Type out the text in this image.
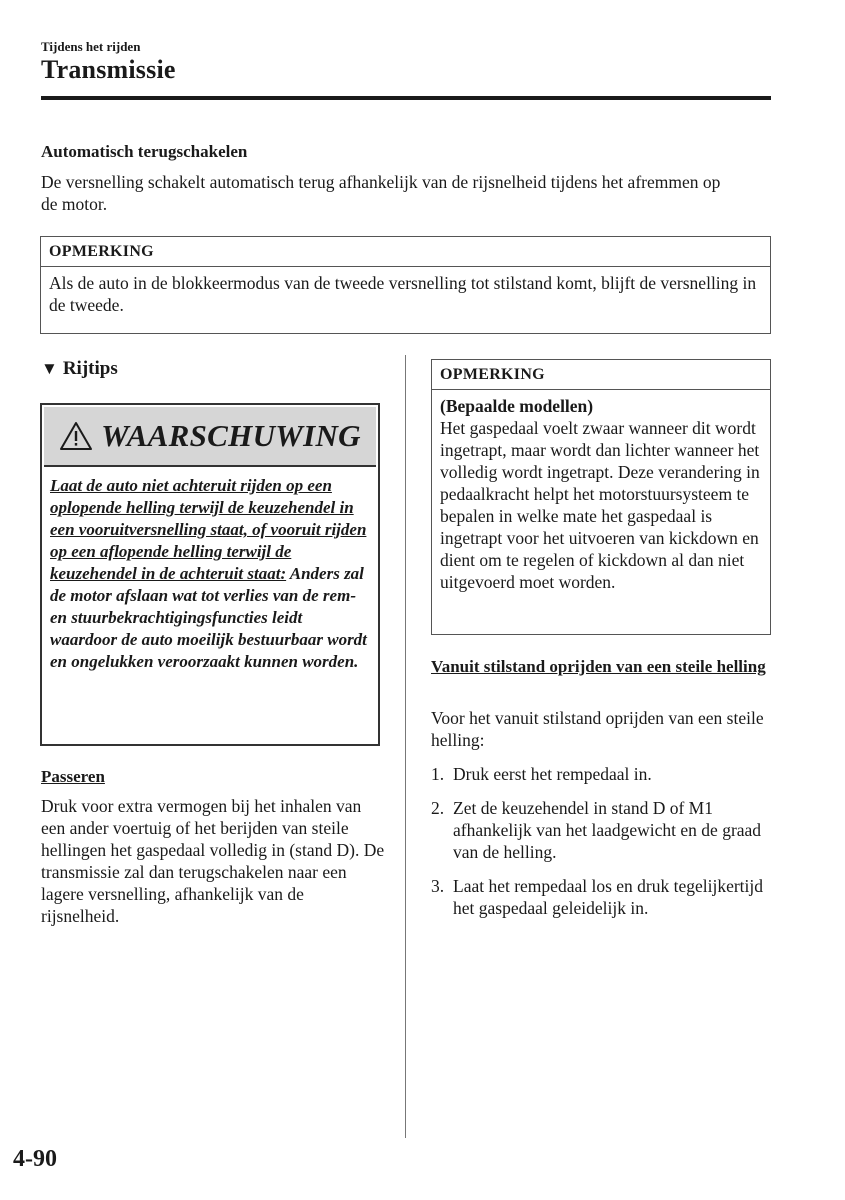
Tijdens het rijden
Transmissie
Automatisch terugschakelen
De versnelling schakelt automatisch terug afhankelijk van de rijsnelheid tijdens het afremmen op de motor.
OPMERKING
Als de auto in de blokkeermodus van de tweede versnelling tot stilstand komt, blijft de versnelling in de tweede.
▼ Rijtips
WAARSCHUWING
Laat de auto niet achteruit rijden op een oplopende helling terwijl de keuzehendel in een vooruitversnelling staat, of vooruit rijden op een aflopende helling terwijl de keuzehendel in de achteruit staat: Anders zal de motor afslaan wat tot verlies van de rem- en stuurbekrachtigingsfuncties leidt waardoor de auto moeilijk bestuurbaar wordt en ongelukken veroorzaakt kunnen worden.
Passeren
Druk voor extra vermogen bij het inhalen van een ander voertuig of het berijden van steile hellingen het gaspedaal volledig in (stand D). De transmissie zal dan terugschakelen naar een lagere versnelling, afhankelijk van de rijsnelheid.
OPMERKING
(Bepaalde modellen)
Het gaspedaal voelt zwaar wanneer dit wordt ingetrapt, maar wordt dan lichter wanneer het volledig wordt ingetrapt. Deze verandering in pedaalkracht helpt het motorstuursysteem te bepalen in welke mate het gaspedaal is ingetrapt voor het uitvoeren van kickdown en dient om te regelen of kickdown al dan niet uitgevoerd moet worden.
Vanuit stilstand oprijden van een steile helling
Voor het vanuit stilstand oprijden van een steile helling:
1. Druk eerst het rempedaal in.
2. Zet de keuzehendel in stand D of M1 afhankelijk van het laadgewicht en de graad van de helling.
3. Laat het rempedaal los en druk tegelijkertijd het gaspedaal geleidelijk in.
4-90
